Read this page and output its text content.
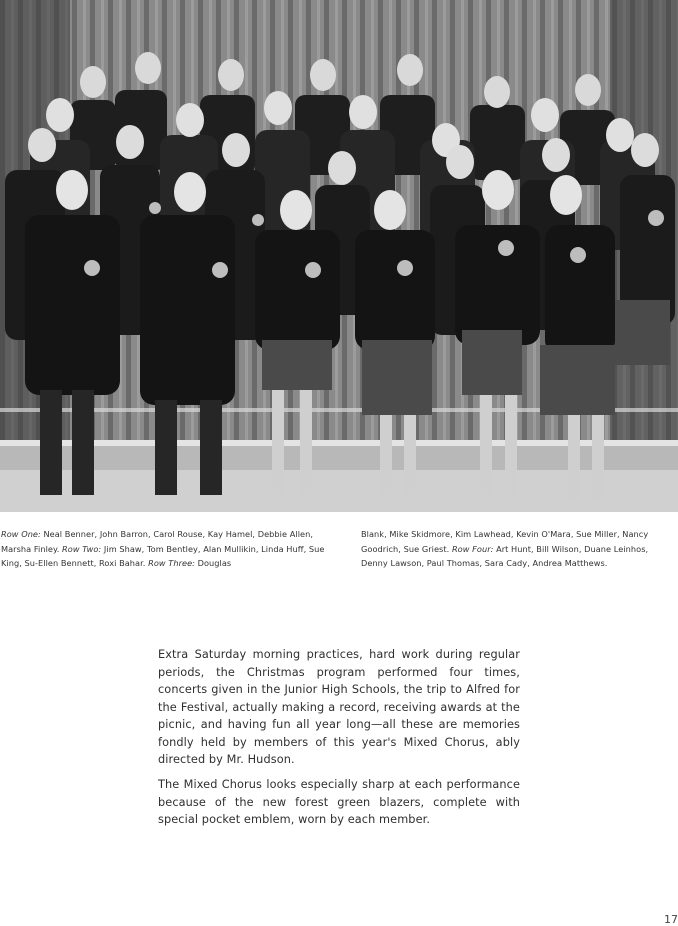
Row One: Neal Benner, John Barron, Carol Rouse, Kay Hamel, Debbie Allen, Marsha Finley. Row Two: Jim Shaw, Tom Bentley, Alan Mullikin, Linda Huff, Sue King, Su-Ellen Bennett, Roxi Bahar. Row Three: Douglas
Blank, Mike Skidmore, Kim Lawhead, Kevin O'Mara, Sue Miller, Nancy Goodrich, Sue Griest. Row Four: Art Hunt, Bill Wilson, Duane Leinhos, Denny Lawson, Paul Thomas, Sara Cady, Andrea Matthews.

Extra Saturday morning practices, hard work during regular periods, the Christmas program performed four times, concerts given in the Junior High Schools, the trip to Alfred for the Festival, actually making a record, receiving awards at the picnic, and having fun all year long—all these are memories fondly held by members of this year's Mixed Chorus, ably directed by Mr. Hudson.

The Mixed Chorus looks especially sharp at each performance because of the new forest green blazers, complete with special pocket emblem, worn by each member.

17
